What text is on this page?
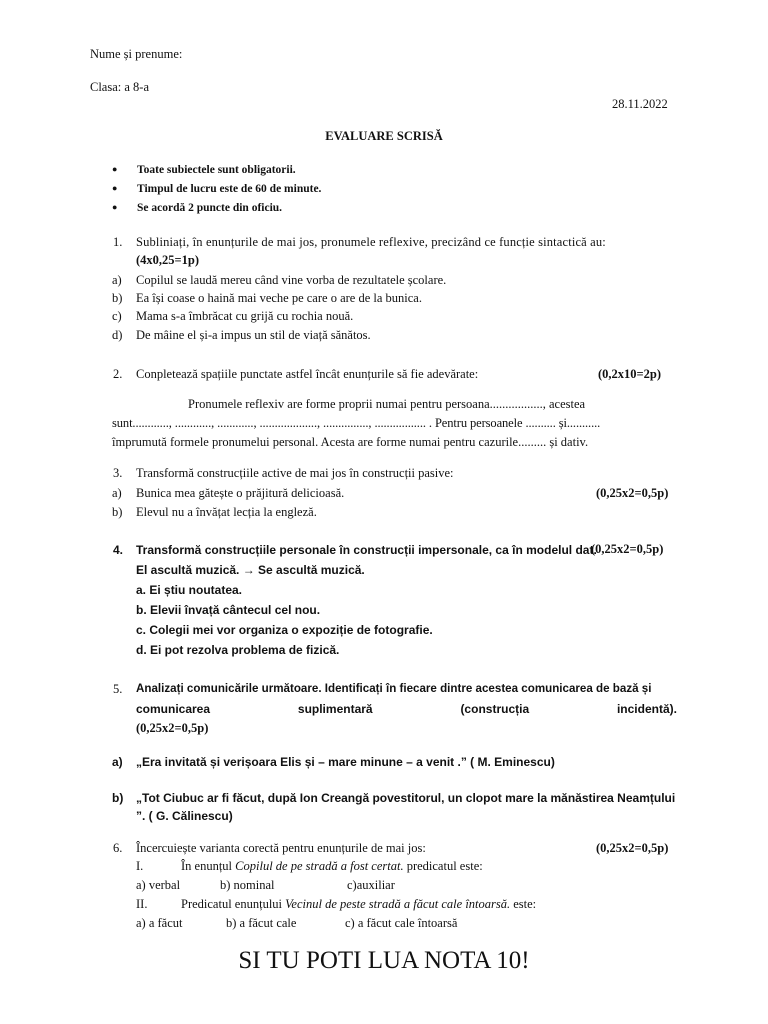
Nume și prenume:
Clasa: a 8-a
28.11.2022
EVALUARE SCRISĂ
● Toate subiectele sunt obligatorii.
● Timpul de lucru este de 60 de minute.
● Se acordă 2 puncte din oficiu.
1. Subliniați, în enunțurile de mai jos, pronumele reflexive, precizând ce funcție sintactică au:
(4x0,25=1p)
a) Copilul se laudă mereu când vine vorba de rezultatele școlare.
b) Ea își coase o haină mai veche pe care o are de la bunica.
c) Mama s-a îmbrăcat cu grijă cu rochia nouă.
d) De mâine el și-a impus un stil de viață sănătos.
2. Conpletează spațiile punctate astfel încât enunțurile să fie adevărate:	(0,2x10=2p)
Pronumele reflexiv are forme proprii numai pentru persoana................., acestea
sunt............, ............, ............, ..................., ..............., ................. . Pentru persoanele .......... și...........
împrumută formele pronumelui personal. Acesta are forme numai pentru cazurile......... și dativ.
3. Transformă construcțiile active de mai jos în construcții pasive:
a) Bunica mea gătește o prăjitură delicioasă.	(0,25x2=0,5p)
b) Elevul nu a învățat lecția la engleză.
4. Transformă construcțiile personale în construcții impersonale, ca în modelul dat.
(0,25x2=0,5p)
El ascultă muzică. → Se ascultă muzică.
a. Ei știu noutatea.
b. Elevii învață cântecul cel nou.
c. Colegii mei vor organiza o expoziție de fotografie.
d. Ei pot rezolva problema de fizică.
5. Analizați comunicările următoare. Identificați în fiecare dintre acestea comunicarea de bază și
comunicarea	suplimentară	(construcția	incidentă).
(0,25x2=0,5p)
a) „Era invitată și verișoara Elis și – mare minune – a venit .” ( M. Eminescu)
b) „Tot Ciubuc ar fi făcut, după Ion Creangă povestitorul, un clopot mare la mănăstirea Neamțului
”. ( G. Călinescu)
6. Încercuiește varianta corectă pentru enunțurile de mai jos:	(0,25x2=0,5p)
I.	În enunțul Copilul de pe stradă a fost certat. predicatul este:
a) verbal	b) nominal	c)auxiliar
II.	Predicatul enunțului Vecinul de peste stradă a făcut cale întoarsă. este:
a) a făcut	b) a făcut cale	c) a făcut cale întoarsă
SI TU POTI LUA NOTA 10!
